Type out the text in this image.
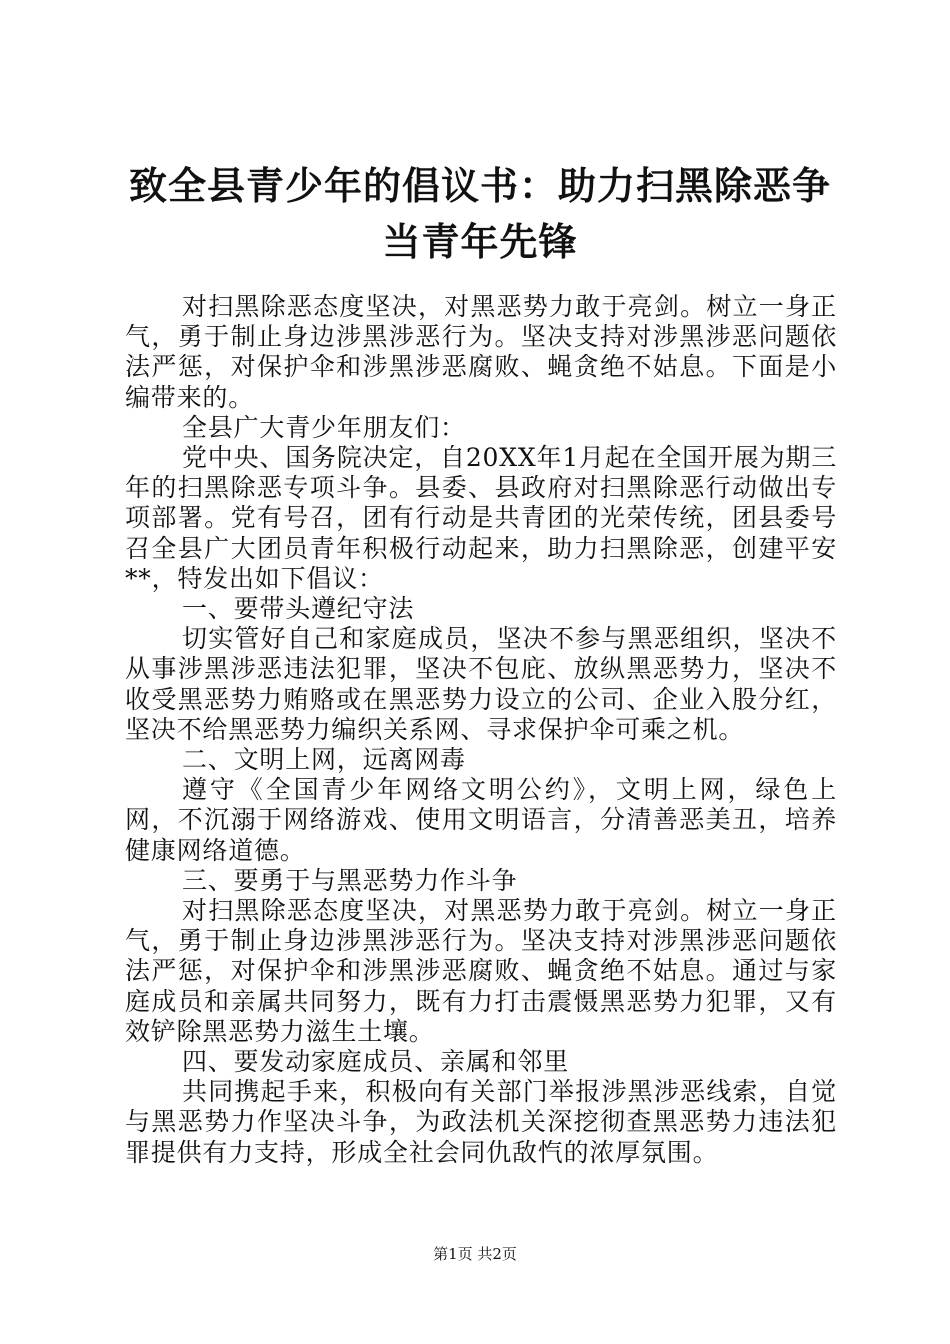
致全县青少年的倡议书：助力扫黑除恶争当青年先锋

对扫黑除恶态度坚决，对黑恶势力敢于亮剑。树立一身正气，勇于制止身边涉黑涉恶行为。坚决支持对涉黑涉恶问题依法严惩，对保护伞和涉黑涉恶腐败、蝇贪绝不姑息。下面是小编带来的。

全县广大青少年朋友们：

党中央、国务院决定，自20XX年1月起在全国开展为期三年的扫黑除恶专项斗争。县委、县政府对扫黑除恶行动做出专项部署。党有号召，团有行动是共青团的光荣传统，团县委号召全县广大团员青年积极行动起来，助力扫黑除恶，创建平安**，特发出如下倡议：

一、要带头遵纪守法

切实管好自己和家庭成员，坚决不参与黑恶组织，坚决不从事涉黑涉恶违法犯罪，坚决不包庇、放纵黑恶势力，坚决不收受黑恶势力贿赂或在黑恶势力设立的公司、企业入股分红，坚决不给黑恶势力编织关系网、寻求保护伞可乘之机。

二、文明上网，远离网毒

遵守《全国青少年网络文明公约》，文明上网，绿色上网，不沉溺于网络游戏、使用文明语言，分清善恶美丑，培养健康网络道德。

三、要勇于与黑恶势力作斗争

对扫黑除恶态度坚决，对黑恶势力敢于亮剑。树立一身正气，勇于制止身边涉黑涉恶行为。坚决支持对涉黑涉恶问题依法严惩，对保护伞和涉黑涉恶腐败、蝇贪绝不姑息。通过与家庭成员和亲属共同努力，既有力打击震慑黑恶势力犯罪，又有效铲除黑恶势力滋生土壤。

四、要发动家庭成员、亲属和邻里

共同携起手来，积极向有关部门举报涉黑涉恶线索，自觉与黑恶势力作坚决斗争，为政法机关深挖彻查黑恶势力违法犯罪提供有力支持，形成全社会同仇敌忾的浓厚氛围。

第1页 共2页
